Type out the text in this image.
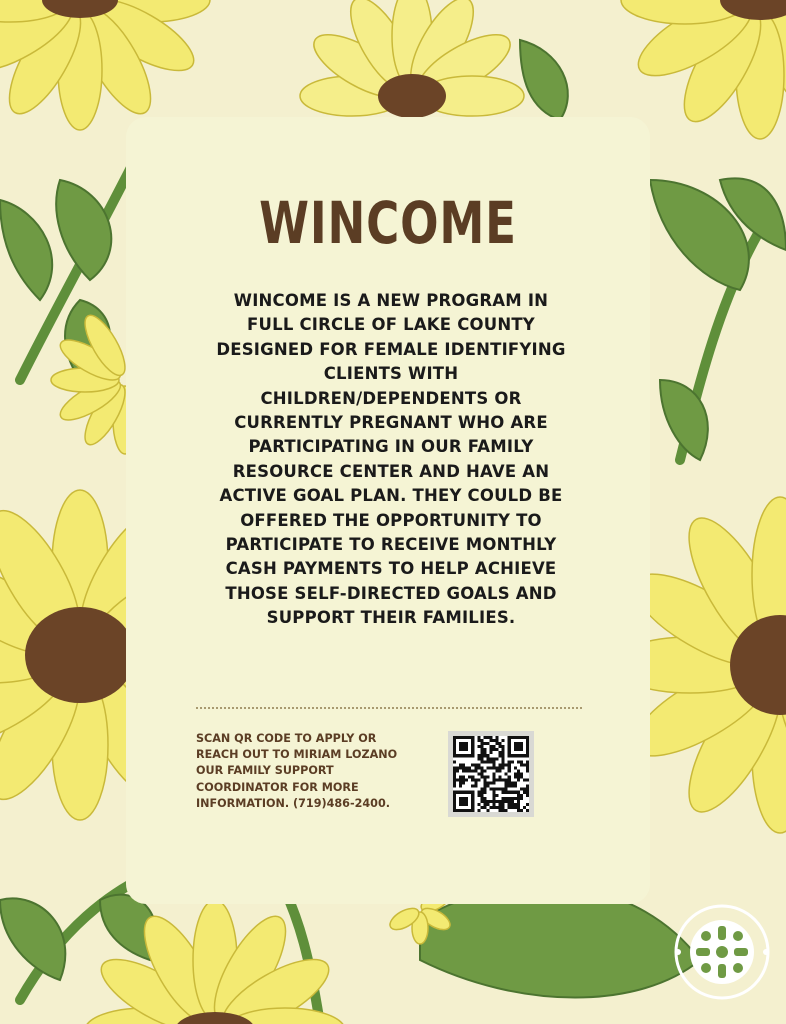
WINCOME
WINCOME IS A NEW PROGRAM IN FULL CIRCLE OF LAKE COUNTY DESIGNED FOR FEMALE IDENTIFYING CLIENTS WITH CHILDREN/DEPENDENTS OR CURRENTLY PREGNANT WHO ARE PARTICIPATING IN OUR FAMILY RESOURCE CENTER AND HAVE AN ACTIVE GOAL PLAN. THEY COULD BE OFFERED THE OPPORTUNITY TO PARTICIPATE TO RECEIVE MONTHLY CASH PAYMENTS TO HELP ACHIEVE THOSE SELF-DIRECTED GOALS AND SUPPORT THEIR FAMILIES.
SCAN QR CODE TO APPLY OR REACH OUT TO MIRIAM LOZANO OUR FAMILY SUPPORT COORDINATOR FOR MORE INFORMATION. (719)486-2400.
